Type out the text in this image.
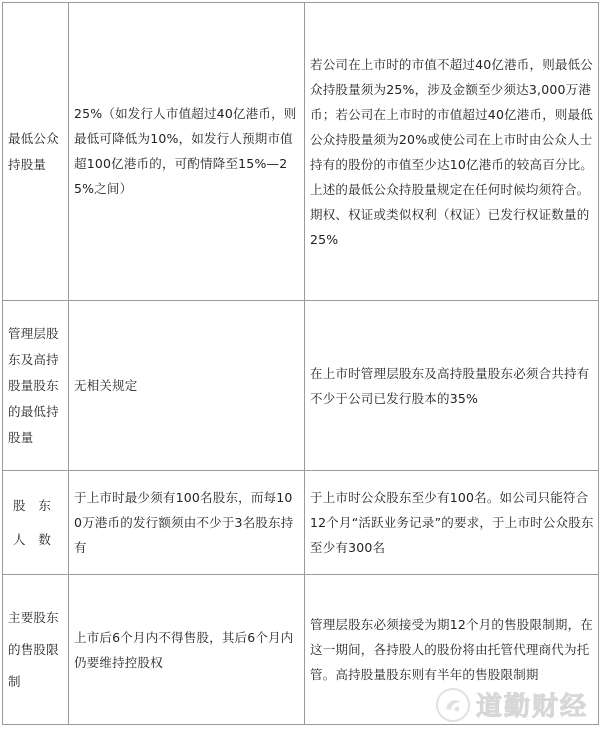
最低公众
持股量	25%（如发行人市值超过40亿港币，则最低可降低为10%，如发行人预期市值超100亿港币的，可酌情降至15%—25%之间）	若公司在上市时的市值不超过40亿港币，则最低公众持股量须为25%，涉及金额至少须达3,000万港币；若公司在上市时的市值超过40亿港币，则最低公众持股量须为20%或使公司在上市时由公众人士持有的股份的市值至少达10亿港币的较高百分比。上述的最低公众持股量规定在任何时候均须符合。期权、权证或类似权利（权证）已发行权证数量的25%

管理层股
东及高持
股量股东
的最低持
股量	无相关规定	在上市时管理层股东及高持股量股东必须合共持有不少于公司已发行股本的35%

股　东
人　数	于上市时最少须有100名股东，而每100万港币的发行额须由不少于3名股东持有	于上市时公众股东至少有100名。如公司只能符合12个月“活跃业务记录”的要求，于上市时公众股东至少有300名

主要股东
的售股限
制	上市后6个月内不得售股，其后6个月内仍要维持控股权	管理层股东必须接受为期12个月的售股限制期，在这一期间，各持股人的股份将由托管代理商代为托管。高持股量股东则有半年的售股限制期
道勤财经
